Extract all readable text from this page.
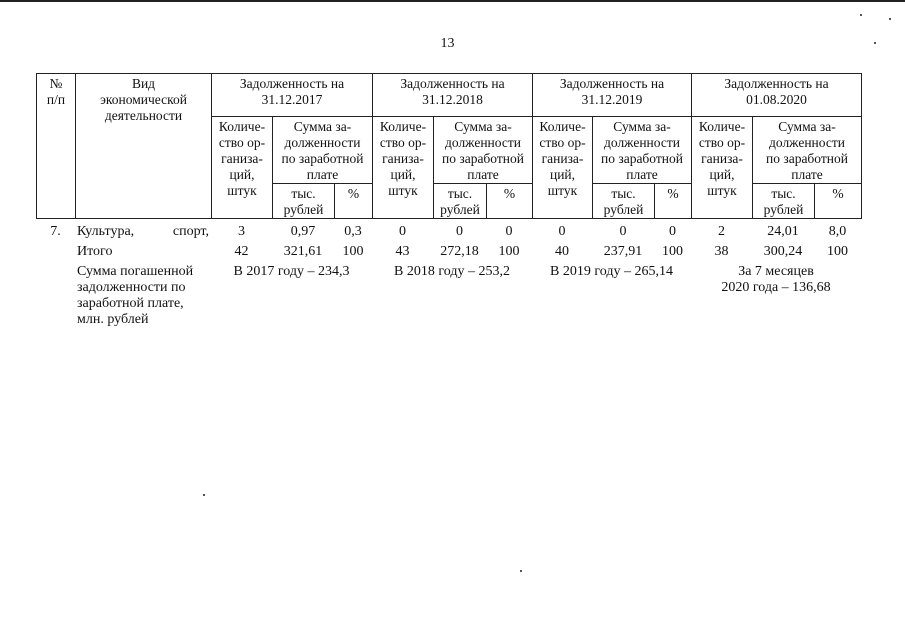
13
№
п/п	Вид
экономической
деятельности	Задолженность на
31.12.2017			Задолженность на
31.12.2018			Задолженность на
31.12.2019			Задолженность на
01.08.2020		
		Количе-
ство ор-
ганиза-
ций,
штук	Сумма за-
долженности
по заработной
плате		Количе-
ство ор-
ганиза-
ций,
штук	Сумма за-
долженности
по заработной
плате		Количе-
ство ор-
ганиза-
ций,
штук	Сумма за-
долженности
по заработной
плате		Количе-
ство ор-
ганиза-
ций,
штук	Сумма за-
долженности
по заработной
плате	
			тыс.
рублей	%		тыс.
рублей	%		тыс.
рублей	%		тыс.
рублей	%
7.	Культура, спорт,	3	0,97	0,3	0	0	0	0	0	0	2	24,01	8,0
	Итого	42	321,61	100	43	272,18	100	40	237,91	100	38	300,24	100
	Сумма погашенной
задолженности по
заработной плате,
млн. рублей	В 2017 году – 234,3			В 2018 году – 253,2			В 2019 году – 265,14			За 7 месяцев
2020 года – 136,68		
